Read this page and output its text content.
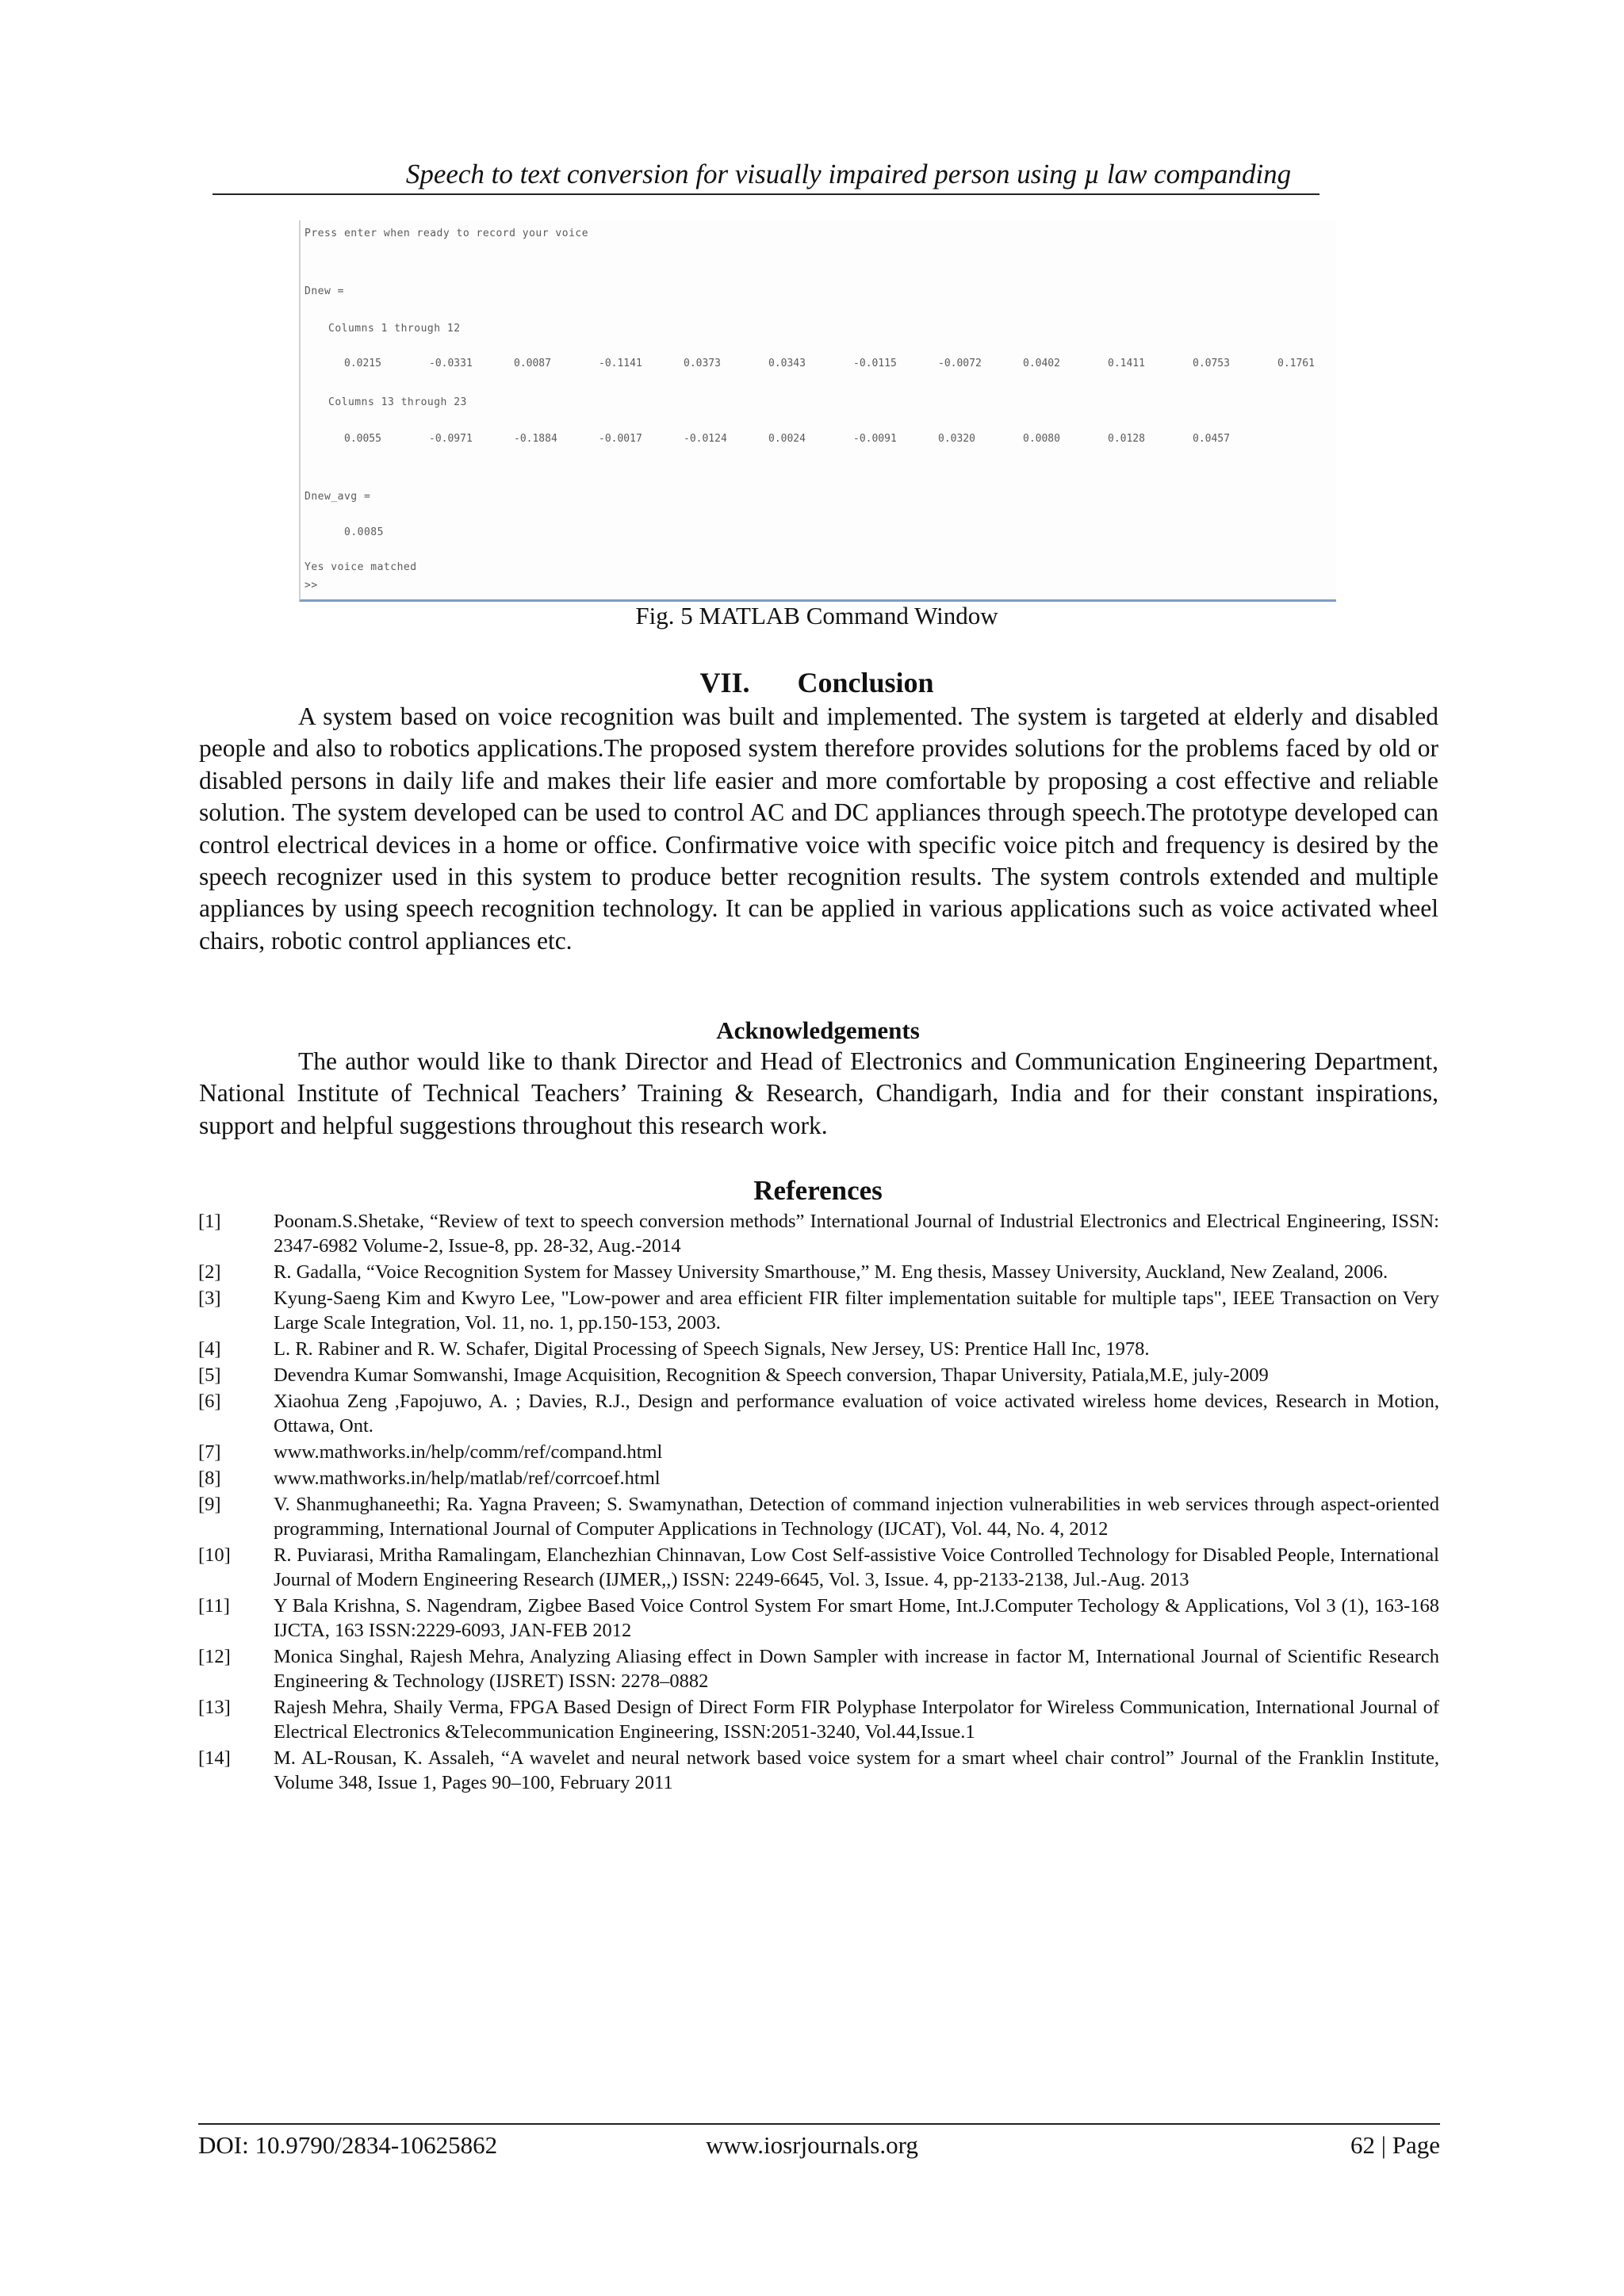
Speech to text conversion for visually impaired person using µ law companding
Press enter when ready to record your voice
Dnew =
Columns 1 through 12
0.0215	-0.0331	0.0087	-0.1141	0.0373	0.0343	-0.0115	-0.0072	0.0402	0.1411	0.0753	0.1761
Columns 13 through 23
0.0055	-0.0971	-0.1884	-0.0017	-0.0124	0.0024	-0.0091	0.0320	0.0080	0.0128	0.0457
Dnew_avg =
0.0085
Yes voice matched
>>
Fig. 5 MATLAB Command Window
VII. Conclusion

A system based on voice recognition was built and implemented. The system is targeted at elderly and disabled people and also to robotics applications.The proposed system therefore provides solutions for the problems faced by old or disabled persons in daily life and makes their life easier and more comfortable by proposing a cost effective and reliable solution. The system developed can be used to control AC and DC appliances through speech.The prototype developed can control electrical devices in a home or office. Confirmative voice with specific voice pitch and frequency is desired by the speech recognizer used in this system to produce better recognition results. The system controls extended and multiple appliances by using speech recognition technology. It can be applied in various applications such as voice activated wheel chairs, robotic control appliances etc.

Acknowledgements

The author would like to thank Director and Head of Electronics and Communication Engineering Department, National Institute of Technical Teachers’ Training & Research, Chandigarh, India and for their constant inspirations, support and helpful suggestions throughout this research work.

References
[1]	Poonam.S.Shetake, “Review of text to speech conversion methods” International Journal of Industrial Electronics and Electrical Engineering, ISSN: 2347-6982 Volume-2, Issue-8, pp. 28-32, Aug.-2014
[2]	R. Gadalla, “Voice Recognition System for Massey University Smarthouse,” M. Eng thesis, Massey University, Auckland, New Zealand, 2006.
[3]	Kyung-Saeng Kim and Kwyro Lee, "Low-power and area efficient FIR filter implementation suitable for multiple taps", IEEE Transaction on Very Large Scale Integration, Vol. 11, no. 1, pp.150-153, 2003.
[4]	L. R. Rabiner and R. W. Schafer, Digital Processing of Speech Signals, New Jersey, US: Prentice Hall Inc, 1978.
[5]	Devendra Kumar Somwanshi, Image Acquisition, Recognition & Speech conversion, Thapar University, Patiala,M.E, july-2009
[6]	Xiaohua Zeng ,Fapojuwo, A. ; Davies, R.J., Design and performance evaluation of voice activated wireless home devices, Research in Motion, Ottawa, Ont.
[7]	www.mathworks.in/help/comm/ref/compand.html
[8]	www.mathworks.in/help/matlab/ref/corrcoef.html
[9]	V. Shanmughaneethi; Ra. Yagna Praveen; S. Swamynathan, Detection of command injection vulnerabilities in web services through aspect-oriented programming, International Journal of Computer Applications in Technology (IJCAT), Vol. 44, No. 4, 2012
[10] R. Puviarasi, Mritha Ramalingam, Elanchezhian Chinnavan, Low Cost Self-assistive Voice Controlled Technology for Disabled People, International Journal of Modern Engineering Research (IJMER,,) ISSN: 2249-6645, Vol. 3, Issue. 4, pp-2133-2138, Jul.-Aug. 2013
[11] Y Bala Krishna, S. Nagendram, Zigbee Based Voice Control System For smart Home, Int.J.Computer Techology & Applications, Vol 3 (1), 163-168 IJCTA, 163 ISSN:2229-6093, JAN-FEB 2012
[12] Monica Singhal, Rajesh Mehra, Analyzing Aliasing effect in Down Sampler with increase in factor M, International Journal of Scientific Research Engineering & Technology (IJSRET) ISSN: 2278–0882
[13] Rajesh Mehra, Shaily Verma, FPGA Based Design of Direct Form FIR Polyphase Interpolator for Wireless Communication, International Journal of Electrical Electronics &Telecommunication Engineering, ISSN:2051-3240, Vol.44,Issue.1
[14] M. AL-Rousan, K. Assaleh, “A wavelet and neural network based voice system for a smart wheel chair control” Journal of the Franklin Institute, Volume 348, Issue 1, Pages 90–100, February 2011
DOI: 10.9790/2834-10625862	www.iosrjournals.org	62 | Page
